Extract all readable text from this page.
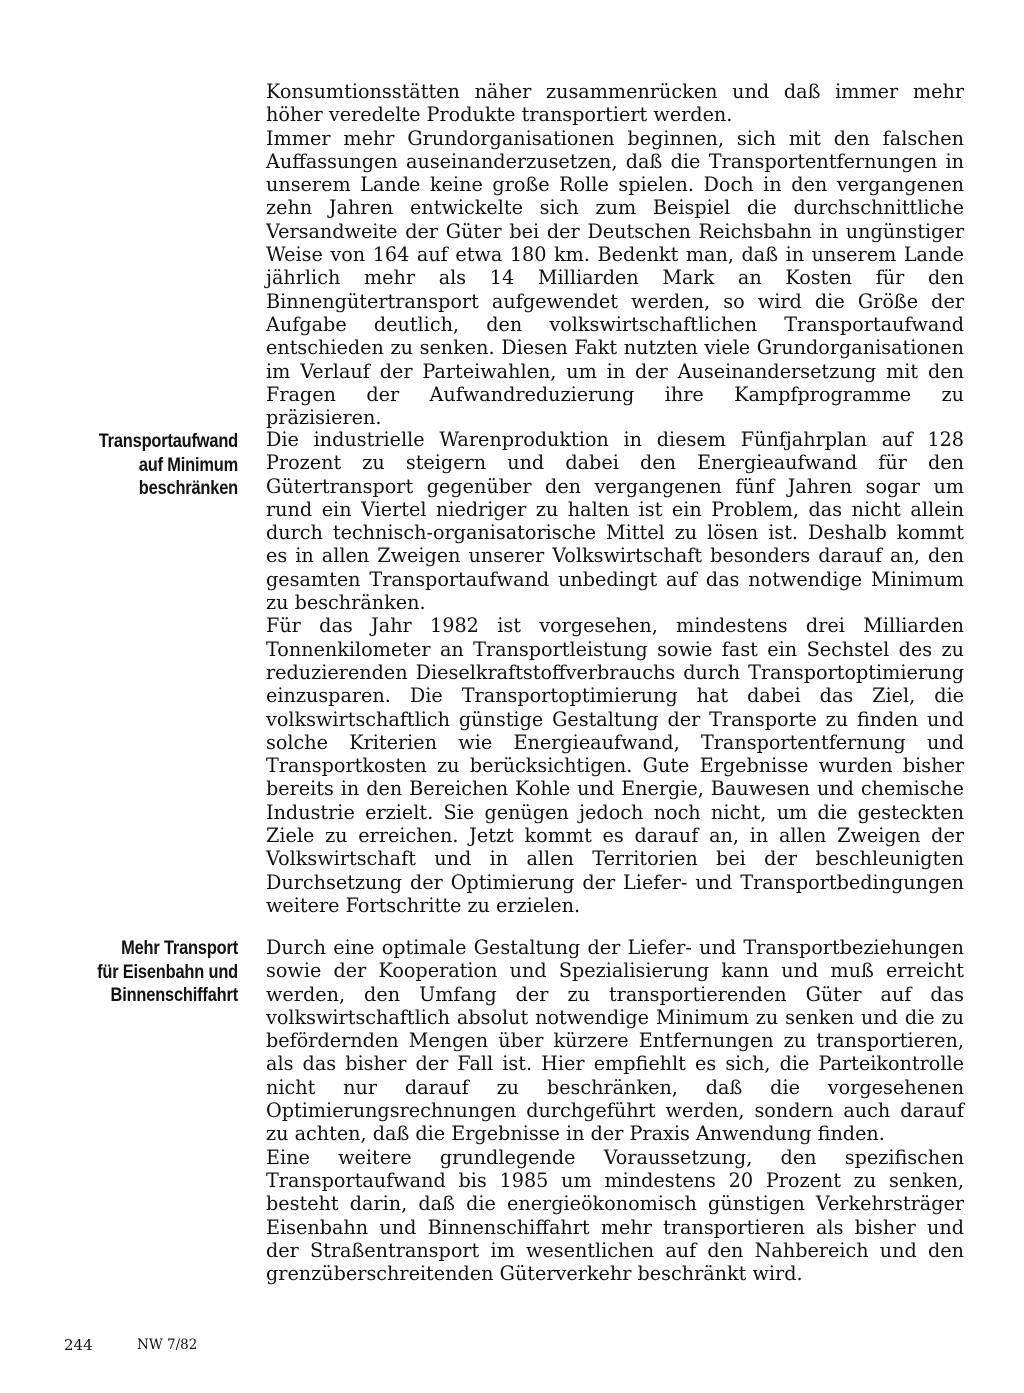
Konsumtionsstätten näher zusammenrücken und daß immer mehr höher veredelte Produkte transportiert werden.

Immer mehr Grundorganisationen beginnen, sich mit den falschen Auffassungen auseinanderzusetzen, daß die Transportentfernungen in unserem Lande keine große Rolle spielen. Doch in den vergangenen zehn Jahren entwickelte sich zum Beispiel die durchschnittliche Versandweite der Güter bei der Deutschen Reichsbahn in ungünstiger Weise von 164 auf etwa 180 km. Bedenkt man, daß in unserem Lande jährlich mehr als 14 Milliarden Mark an Kosten für den Binnengütertransport aufgewendet werden, so wird die Größe der Aufgabe deutlich, den volkswirtschaftlichen Transportaufwand entschieden zu senken. Diesen Fakt nutzten viele Grundorganisationen im Verlauf der Parteiwahlen, um in der Auseinandersetzung mit den Fragen der Aufwandreduzierung ihre Kampfprogramme zu präzisieren.

Transportaufwand
auf Minimum
beschränken

Die industrielle Warenproduktion in diesem Fünfjahrplan auf 128 Prozent zu steigern und dabei den Energieaufwand für den Gütertransport gegenüber den vergangenen fünf Jahren sogar um rund ein Viertel niedriger zu halten ist ein Problem, das nicht allein durch technisch-organisatorische Mittel zu lösen ist. Deshalb kommt es in allen Zweigen unserer Volkswirtschaft besonders darauf an, den gesamten Transportaufwand unbedingt auf das notwendige Minimum zu beschränken.

Für das Jahr 1982 ist vorgesehen, mindestens drei Milliarden Tonnenkilometer an Transportleistung sowie fast ein Sechstel des zu reduzierenden Dieselkraftstoffverbrauchs durch Transportoptimierung einzusparen. Die Transportoptimierung hat dabei das Ziel, die volkswirtschaftlich günstige Gestaltung der Transporte zu finden und solche Kriterien wie Energieaufwand, Transportentfernung und Transportkosten zu berücksichtigen. Gute Ergebnisse wurden bisher bereits in den Bereichen Kohle und Energie, Bauwesen und chemische Industrie erzielt. Sie genügen jedoch noch nicht, um die gesteckten Ziele zu erreichen. Jetzt kommt es darauf an, in allen Zweigen der Volkswirtschaft und in allen Territorien bei der beschleunigten Durchsetzung der Optimierung der Liefer- und Transportbedingungen weitere Fortschritte zu erzielen.

Mehr Transport
für Eisenbahn und
Binnenschiffahrt

Durch eine optimale Gestaltung der Liefer- und Transportbeziehungen sowie der Kooperation und Spezialisierung kann und muß erreicht werden, den Umfang der zu transportierenden Güter auf das volkswirtschaftlich absolut notwendige Minimum zu senken und die zu befördernden Mengen über kürzere Entfernungen zu transportieren, als das bisher der Fall ist. Hier empfiehlt es sich, die Parteikontrolle nicht nur darauf zu beschränken, daß die vorgesehenen Optimierungsrechnungen durchgeführt werden, sondern auch darauf zu achten, daß die Ergebnisse in der Praxis Anwendung finden.

Eine weitere grundlegende Voraussetzung, den spezifischen Transportaufwand bis 1985 um mindestens 20 Prozent zu senken, besteht darin, daß die energieökonomisch günstigen Verkehrsträger Eisenbahn und Binnenschiffahrt mehr transportieren als bisher und der Straßentransport im wesentlichen auf den Nahbereich und den grenzüberschreitenden Güterverkehr beschränkt wird.

244	NW 7/82
